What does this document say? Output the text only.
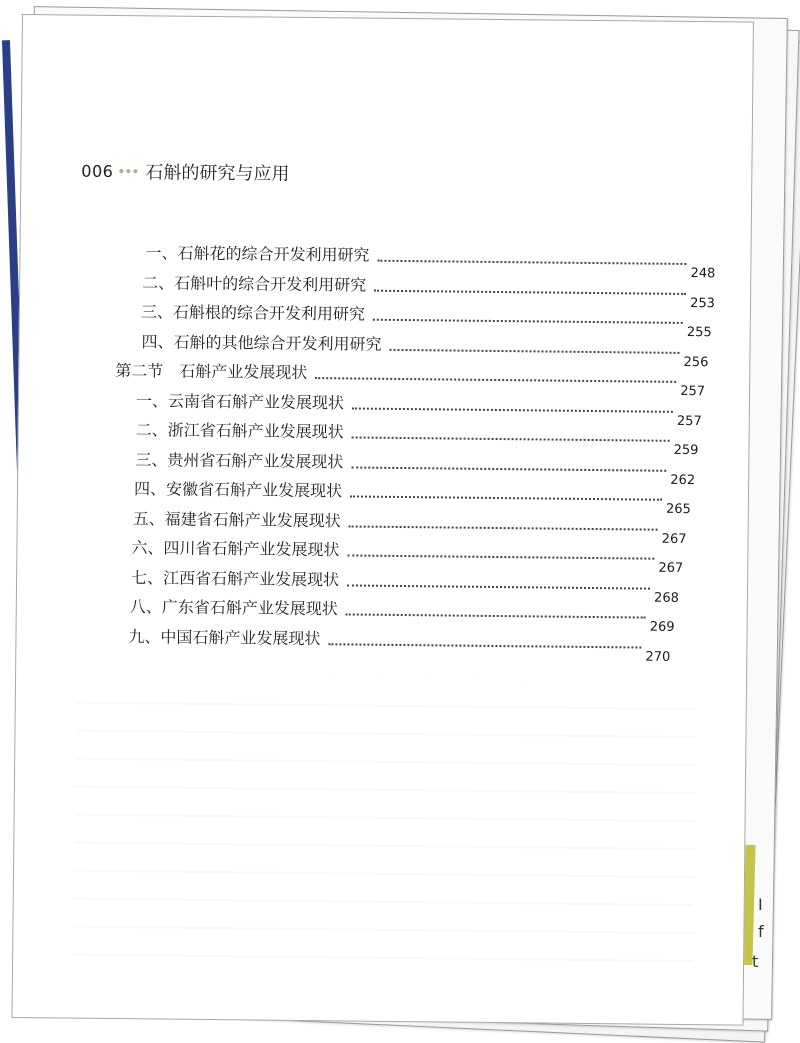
I
f
t
006 石斛的研究与应用
一、石斛花的综合开发利用研究
248
二、石斛叶的综合开发利用研究
253
三、石斛根的综合开发利用研究
255
四、石斛的其他综合开发利用研究
256
第二节　石斛产业发展现状
257
一、云南省石斛产业发展现状
257
二、浙江省石斛产业发展现状
259
三、贵州省石斛产业发展现状
262
四、安徽省石斛产业发展现状
265
五、福建省石斛产业发展现状
267
六、四川省石斛产业发展现状
267
七、江西省石斛产业发展现状
268
八、广东省石斛产业发展现状
269
九、中国石斛产业发展现状
270
